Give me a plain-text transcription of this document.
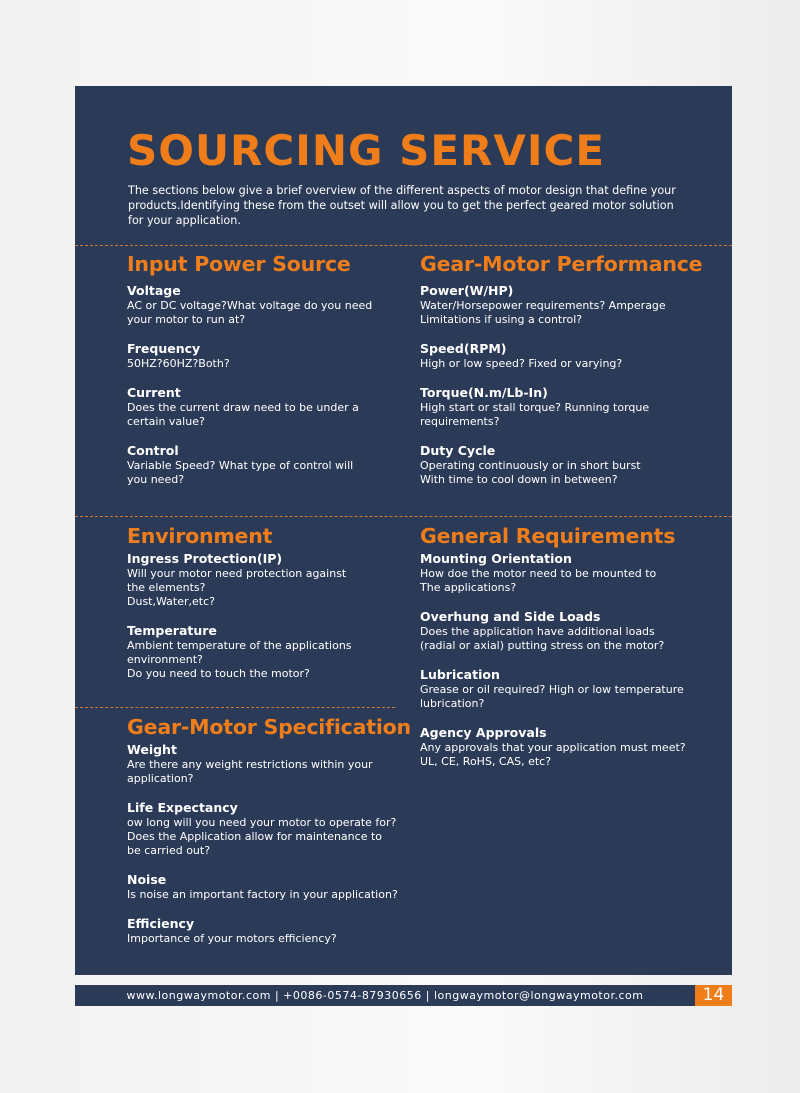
SOURCING SERVICE

The sections below give a brief overview of the different aspects of motor design that define your products.Identifying these from the outset will allow you to get the perfect geared motor solution for your application.

Input Power Source
Voltage

AC or DC voltage?What voltage do you need
your motor to run at?

Frequency

50HZ?60HZ?Both?

Current

Does the current draw need to be under a
certain value?

Control

Variable Speed? What type of control will
you need?

Gear-Motor Performance
Power(W/HP)

Water/Horsepower requirements? Amperage
Limitations if using a control?

Speed(RPM)

High or low speed? Fixed or varying?

Torque(N.m/Lb-In)

High start or stall torque? Running torque
requirements?

Duty Cycle

Operating continuously or in short burst
With time to cool down in between?

Environment
Ingress Protection(IP)

Will your motor need protection against
the elements?
Dust,Water,etc?

Temperature

Ambient temperature of the applications
environment?
Do you need to touch the motor?

General Requirements
Mounting Orientation

How doe the motor need to be mounted to
The applications?

Overhung and Side Loads

Does the application have additional loads
(radial or axial) putting stress on the motor?

Lubrication

Grease or oil required? High or low temperature
lubrication?

Agency Approvals

Any approvals that your application must meet?
UL, CE, RoHS, CAS, etc?

Gear-Motor Specification
Weight

Are there any weight restrictions within your
application?

Life Expectancy

ow long will you need your motor to operate for?
Does the Application allow for maintenance to
be carried out?

Noise

Is noise an important factory in your application?

Efficiency

Importance of your motors efficiency?

www.longwaymotor.com | +0086-0574-87930656 | longwaymotor@longwaymotor.com	14
